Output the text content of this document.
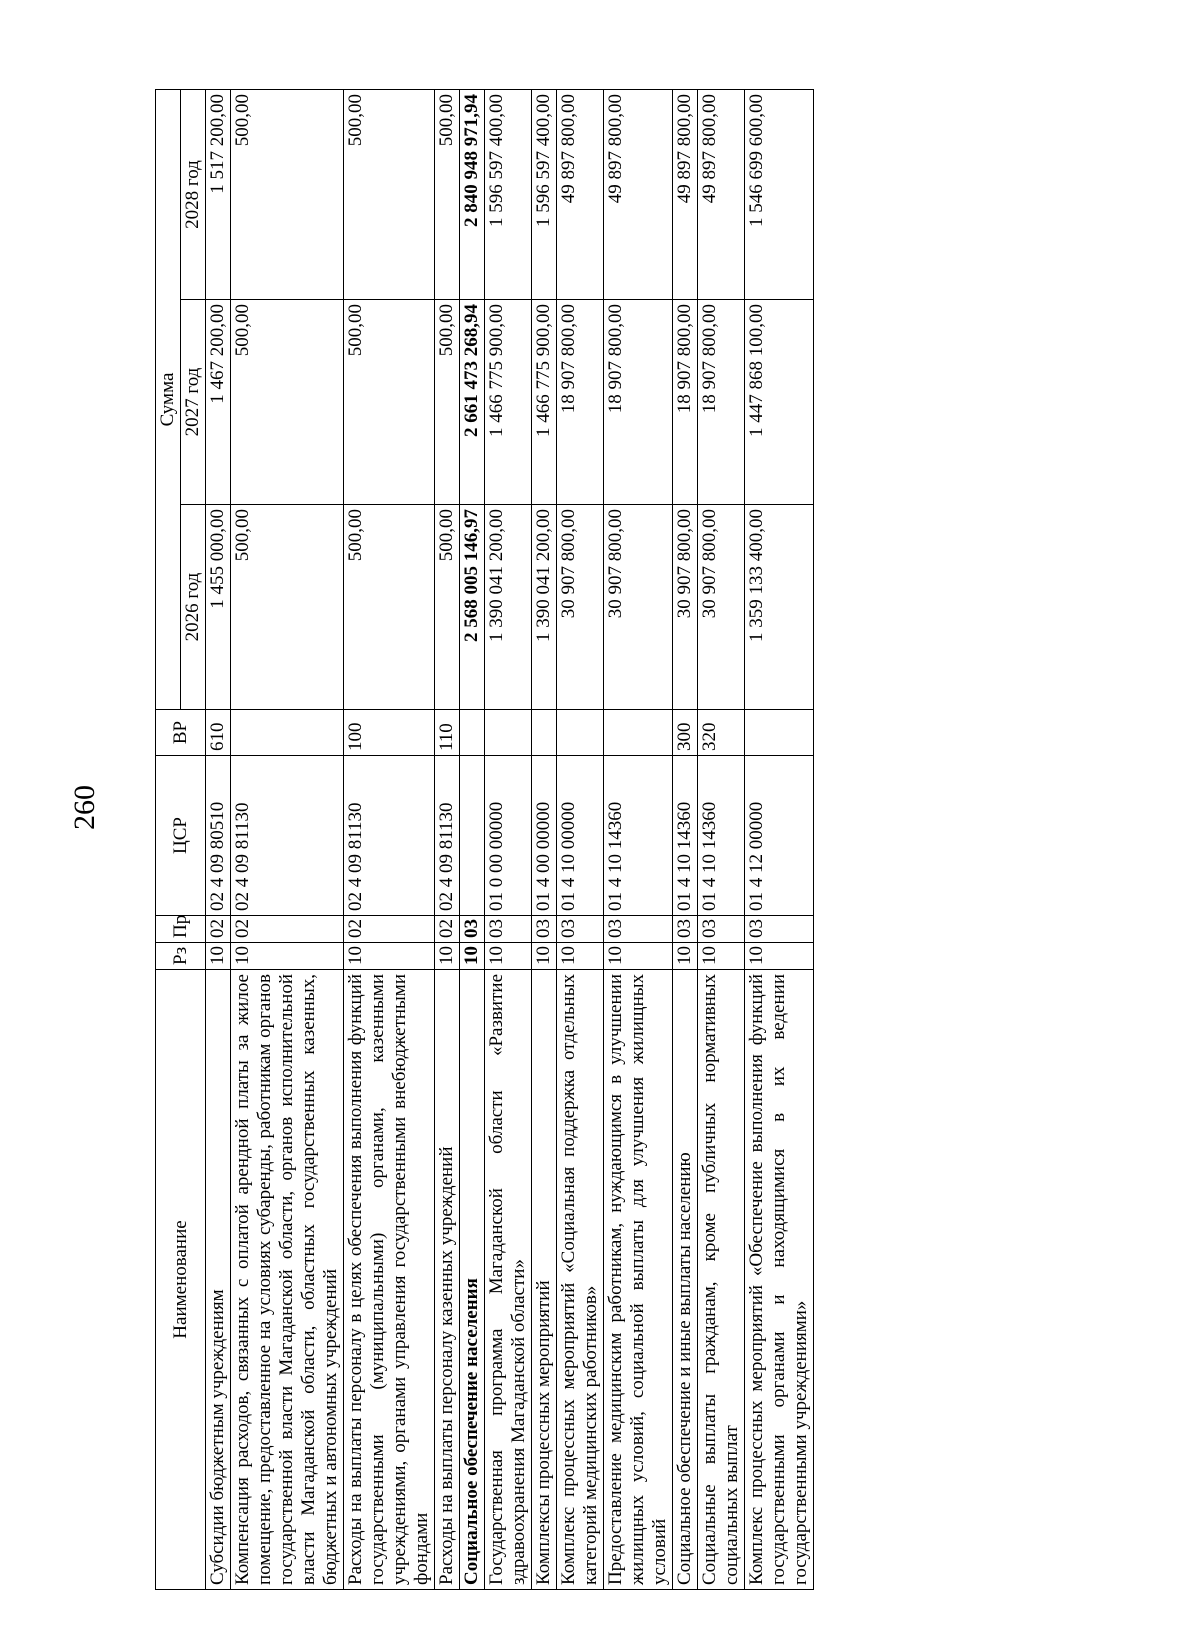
260
Наименование	Рз	Пр	ЦСР	ВР	Сумма		
					2026 год	2027 год	2028 год
Субсидии бюджетным учреждениям	10	02	02 4 09 80510	610	1 455 000,00	1 467 200,00	1 517 200,00
Компенсация расходов, связанных с оплатой арендной платы за жилое помещение, предоставленное на условиях субаренды, работникам органов государственной власти Магаданской области, органов исполнительной власти Магаданской области, областных государственных казенных, бюджетных и автономных учреждений	10	02	02 4 09 81130		500,00	500,00	500,00
Расходы на выплаты персоналу в целях обеспечения выполнения функций государственными (муниципальными) органами, казенными учреждениями, органами управления государственными внебюджетными фондами	10	02	02 4 09 81130	100	500,00	500,00	500,00
Расходы на выплаты персоналу казенных учреждений	10	02	02 4 09 81130	110	500,00	500,00	500,00
Социальное обеспечение населения	10	03			2 568 005 146,97	2 661 473 268,94	2 840 948 971,94
Государственная программа Магаданской области «Развитие здравоохранения Магаданской области»	10	03	01 0 00 00000		1 390 041 200,00	1 466 775 900,00	1 596 597 400,00
Комплексы процессных мероприятий	10	03	01 4 00 00000		1 390 041 200,00	1 466 775 900,00	1 596 597 400,00
Комплекс процессных мероприятий «Социальная поддержка отдельных категорий медицинских работников»	10	03	01 4 10 00000		30 907 800,00	18 907 800,00	49 897 800,00
Предоставление медицинским работникам, нуждающимся в улучшении жилищных условий, социальной выплаты для улучшения жилищных условий	10	03	01 4 10 14360		30 907 800,00	18 907 800,00	49 897 800,00
Социальное обеспечение и иные выплаты населению	10	03	01 4 10 14360	300	30 907 800,00	18 907 800,00	49 897 800,00
Социальные выплаты гражданам, кроме публичных нормативных социальных выплат	10	03	01 4 10 14360	320	30 907 800,00	18 907 800,00	49 897 800,00
Комплекс процессных мероприятий «Обеспечение выполнения функций государственными органами и находящимися в их ведении государственными учреждениями»	10	03	01 4 12 00000		1 359 133 400,00	1 447 868 100,00	1 546 699 600,00
